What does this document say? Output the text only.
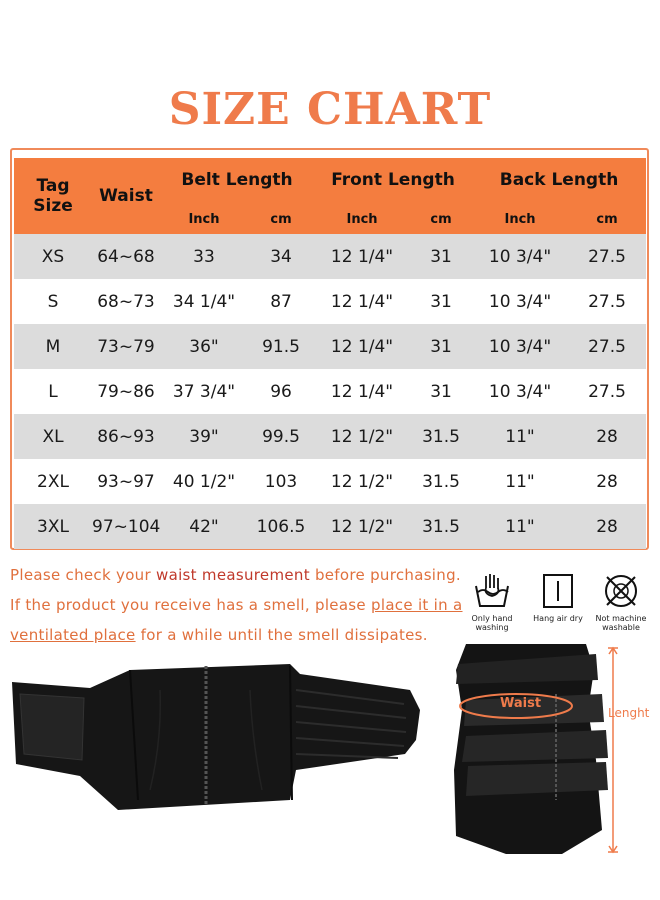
SIZE CHART
Tag Size	Waist	Belt Length		Front Length		Back Length	
		Inch	cm	Inch	cm	Inch	cm
XS	64~68	33	34	12 1/4"	31	10 3/4"	27.5
S	68~73	34 1/4"	87	12 1/4"	31	10 3/4"	27.5
M	73~79	36"	91.5	12 1/4"	31	10 3/4"	27.5
L	79~86	37 3/4"	96	12 1/4"	31	10 3/4"	27.5
XL	86~93	39"	99.5	12 1/2"	31.5	11"	28
2XL	93~97	40 1/2"	103	12 1/2"	31.5	11"	28
3XL	97~104	42"	106.5	12 1/2"	31.5	11"	28
Please check your waist measurement before purchasing.
If the product you receive has a smell, please place it in a
ventilated place for a while until the smell dissipates.
Only hand washing
Hang air dry	Not machine washable
Waist
Lenght
